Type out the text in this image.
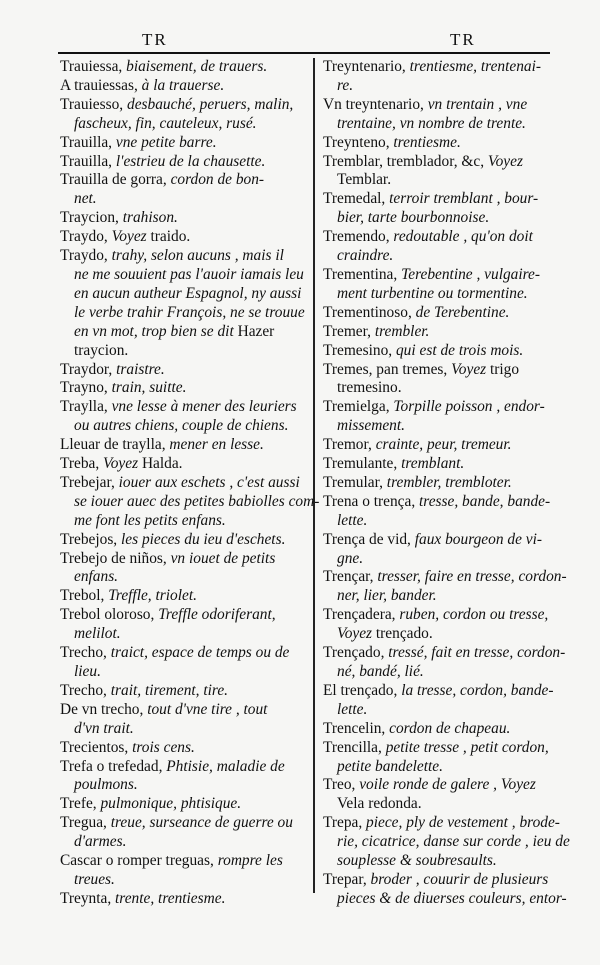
TR	TR
Trauiessa, biaisement, de trauers.
A trauiessas, à la trauerse.
Trauiesso, desbauché, peruers, malin,
fascheux, fin, cauteleux, rusé.
Trauilla, vne petite barre.
Trauilla, l'estrieu de la chausette.
Trauilla de gorra, cordon de bon-
net.
Traycion, trahison.
Traydo, Voyez traido.
Traydo, trahy, selon aucuns , mais il
ne me souuient pas l'auoir iamais leu
en aucun autheur Espagnol, ny aussi
le verbe trahir François, ne se trouue
en vn mot, trop bien se dit Hazer
traycion.
Traydor, traistre.
Trayno, train, suitte.
Traylla, vne lesse à mener des leuriers
ou autres chiens, couple de chiens.
Lleuar de traylla, mener en lesse.
Treba, Voyez Halda.
Trebejar, iouer aux eschets , c'est aussi
se iouer auec des petites babiolles com-
me font les petits enfans.
Trebejos, les pieces du ieu d'eschets.
Trebejo de niños, vn iouet de petits
enfans.
Trebol, Treffle, triolet.
Trebol oloroso, Treffle odoriferant,
melilot.
Trecho, traict, espace de temps ou de
lieu.
Trecho, trait, tirement, tire.
De vn trecho, tout d'vne tire , tout
d'vn trait.
Trecientos, trois cens.
Trefa o trefedad, Phtisie, maladie de
poulmons.
Trefe, pulmonique, phtisique.
Tregua, treue, surseance de guerre ou
d'armes.
Cascar o romper treguas, rompre les
treues.
Treynta, trente, trentiesme.
Treyntenario, trentiesme, trentenai-
re.
Vn treyntenario, vn trentain , vne
trentaine, vn nombre de trente.
Treynteno, trentiesme.
Tremblar, tremblador, &c, Voyez
Temblar.
Tremedal, terroir tremblant , bour-
bier, tarte bourbonnoise.
Tremendo, redoutable , qu'on doit
craindre.
Trementina, Terebentine , vulgaire-
ment turbentine ou tormentine.
Trementinoso, de Terebentine.
Tremer, trembler.
Tremesino, qui est de trois mois.
Tremes, pan tremes, Voyez trigo
tremesino.
Tremielga, Torpille poisson , endor-
missement.
Tremor, crainte, peur, tremeur.
Tremulante, tremblant.
Tremular, trembler, trembloter.
Trena o trença, tresse, bande, bande-
lette.
Trença de vid, faux bourgeon de vi-
gne.
Trençar, tresser, faire en tresse, cordon-
ner, lier, bander.
Trençadera, ruben, cordon ou tresse,
Voyez trençado.
Trençado, tressé, fait en tresse, cordon-
né, bandé, lié.
El trençado, la tresse, cordon, bande-
lette.
Trencelin, cordon de chapeau.
Trencilla, petite tresse , petit cordon,
petite bandelette.
Treo, voile ronde de galere , Voyez
Vela redonda.
Trepa, piece, ply de vestement , brode-
rie, cicatrice, danse sur corde , ieu de
souplesse & soubresaults.
Trepar, broder , couurir de plusieurs
pieces & de diuerses couleurs, entor-
